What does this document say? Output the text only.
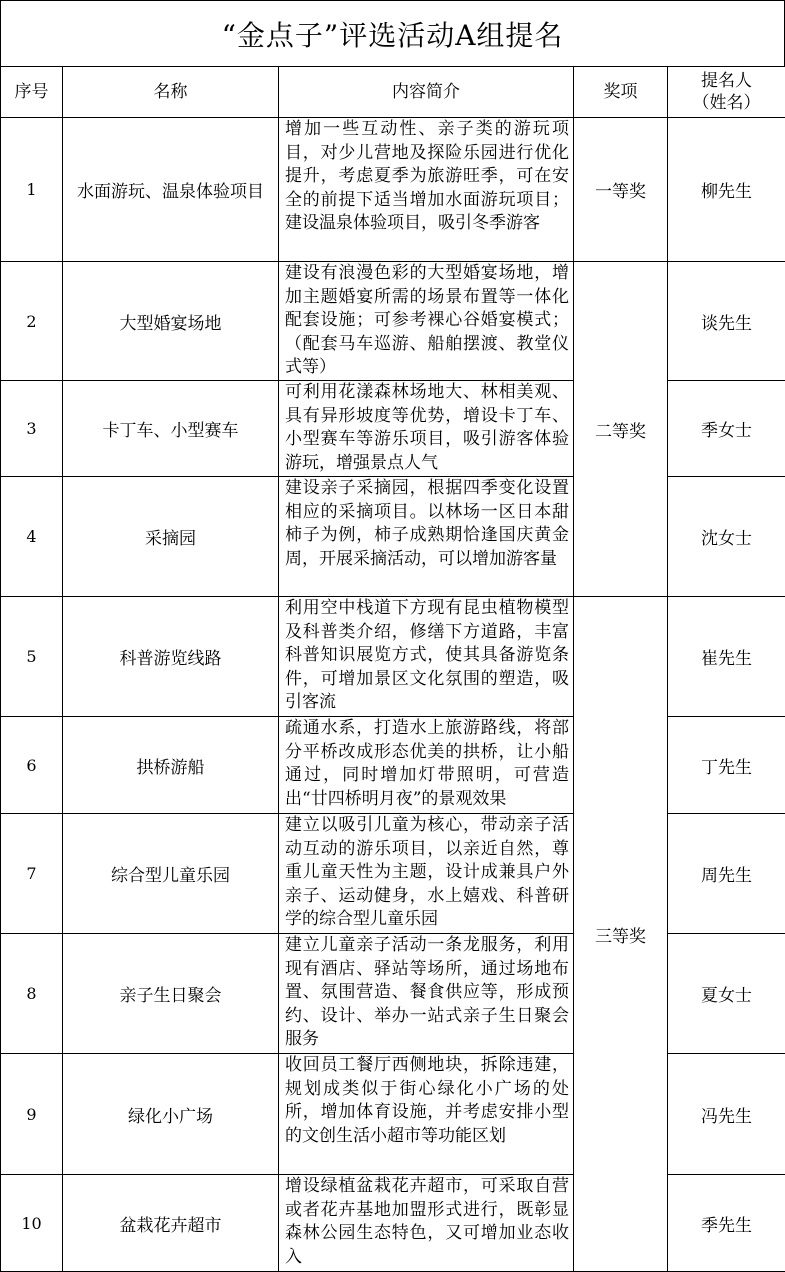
“金点子”评选活动A组提名
序号	名称	内容简介	奖项	提名人
（姓名）
1	水面游玩、温泉体验项目	增加一些互动性、亲子类的游玩项目，对少儿营地及探险乐园进行优化提升，考虑夏季为旅游旺季，可在安全的前提下适当增加水面游玩项目；建设温泉体验项目，吸引冬季游客	一等奖	柳先生
2	大型婚宴场地	建设有浪漫色彩的大型婚宴场地，增加主题婚宴所需的场景布置等一体化配套设施；可参考裸心谷婚宴模式；（配套马车巡游、船舶摆渡、教堂仪式等）	二等奖	谈先生
3	卡丁车、小型赛车	可利用花漾森林场地大、林相美观、具有异形坡度等优势，增设卡丁车、小型赛车等游乐项目，吸引游客体验游玩，增强景点人气		季女士
4	采摘园	建设亲子采摘园，根据四季变化设置相应的采摘项目。以林场一区日本甜柿子为例，柿子成熟期恰逢国庆黄金周，开展采摘活动，可以增加游客量		沈女士
5	科普游览线路	利用空中栈道下方现有昆虫植物模型及科普类介绍，修缮下方道路，丰富科普知识展览方式，使其具备游览条件，可增加景区文化氛围的塑造，吸引客流	三等奖	崔先生
6	拱桥游船	疏通水系，打造水上旅游路线，将部分平桥改成形态优美的拱桥，让小船通过，同时增加灯带照明，可营造出“廿四桥明月夜”的景观效果		丁先生
7	综合型儿童乐园	建立以吸引儿童为核心，带动亲子活动互动的游乐项目，以亲近自然，尊重儿童天性为主题，设计成兼具户外亲子、运动健身，水上嬉戏、科普研学的综合型儿童乐园		周先生
8	亲子生日聚会	建立儿童亲子活动一条龙服务，利用现有酒店、驿站等场所，通过场地布置、氛围营造、餐食供应等，形成预约、设计、举办一站式亲子生日聚会服务		夏女士
9	绿化小广场	收回员工餐厅西侧地块，拆除违建，规划成类似于街心绿化小广场的处所，增加体育设施，并考虑安排小型的文创生活小超市等功能区划		冯先生
10	盆栽花卉超市	增设绿植盆栽花卉超市，可采取自营或者花卉基地加盟形式进行，既彰显森林公园生态特色，又可增加业态收入		季先生
